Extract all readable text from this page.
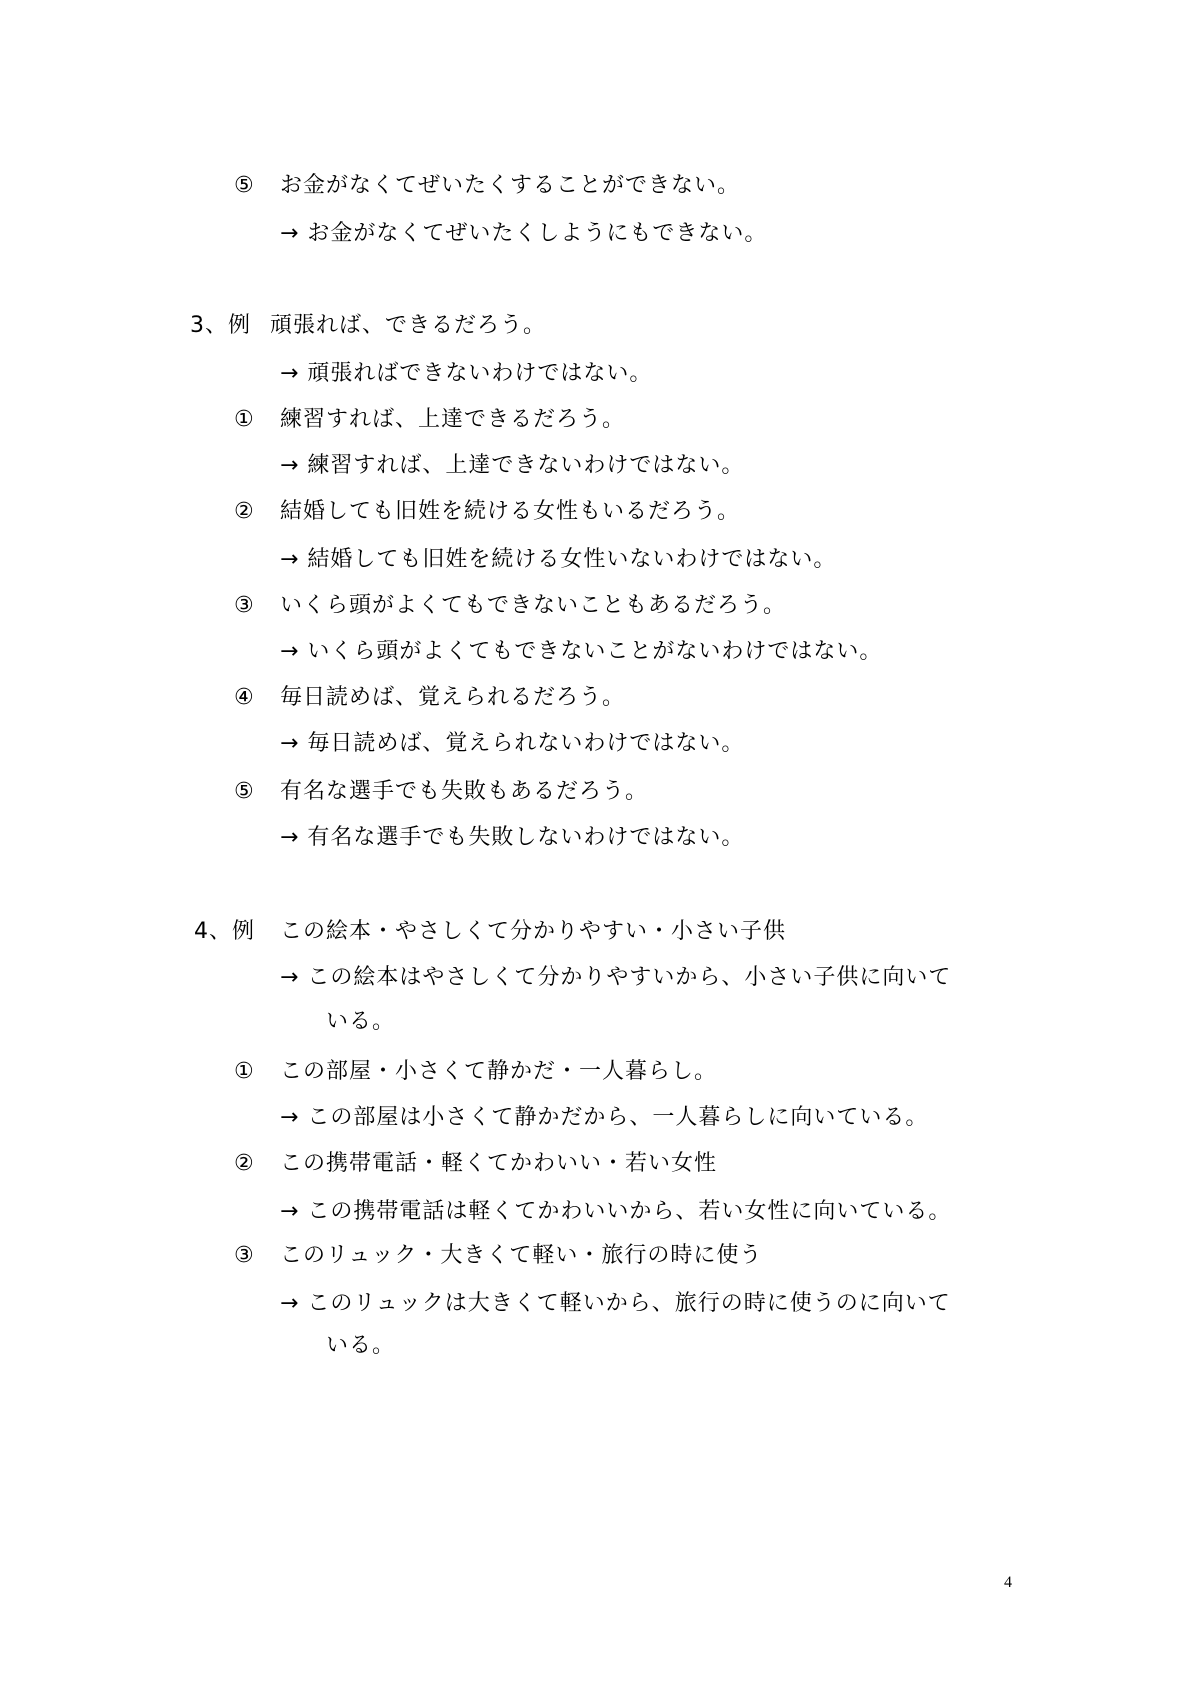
⑤ お金がなくてぜいたくすることができない。
→ お金がなくてぜいたくしようにもできない。
3、例 頑張れば、できるだろう。
→ 頑張ればできないわけではない。
① 練習すれば、上達できるだろう。
→ 練習すれば、上達できないわけではない。
② 結婚しても旧姓を続ける女性もいるだろう。
→ 結婚しても旧姓を続ける女性いないわけではない。
③ いくら頭がよくてもできないこともあるだろう。
→ いくら頭がよくてもできないことがないわけではない。
④ 毎日読めば、覚えられるだろう。
→ 毎日読めば、覚えられないわけではない。
⑤ 有名な選手でも失敗もあるだろう。
→ 有名な選手でも失敗しないわけではない。
4、例 この絵本・やさしくて分かりやすい・小さい子供
→ この絵本はやさしくて分かりやすいから、小さい子供に向いて
いる。
① この部屋・小さくて静かだ・一人暮らし。
→ この部屋は小さくて静かだから、一人暮らしに向いている。
② この携帯電話・軽くてかわいい・若い女性
→ この携帯電話は軽くてかわいいから、若い女性に向いている。
③ このリュック・大きくて軽い・旅行の時に使う
→ このリュックは大きくて軽いから、旅行の時に使うのに向いて
いる。
4
